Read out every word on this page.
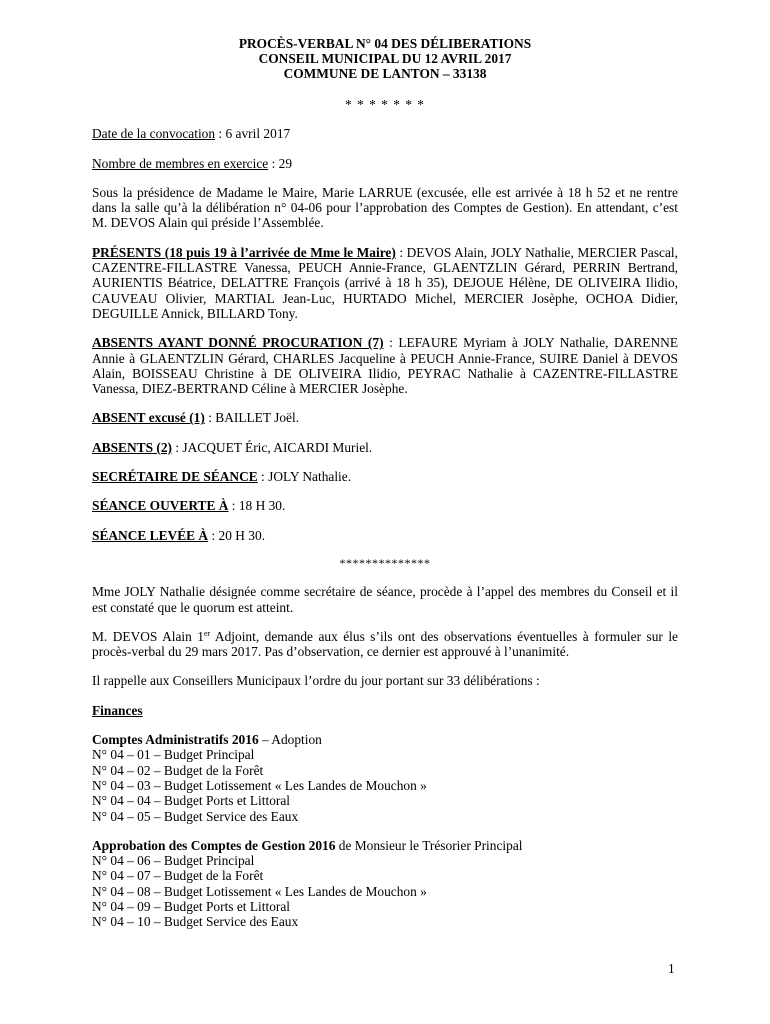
PROCÈS-VERBAL N° 04 DES DÉLIBERATIONS
CONSEIL MUNICIPAL DU 12 AVRIL 2017
COMMUNE DE LANTON – 33138
* * * * * * *

Date de la convocation : 6 avril 2017

Nombre de membres en exercice : 29

Sous la présidence de Madame le Maire, Marie LARRUE (excusée, elle est arrivée à 18 h 52 et ne rentre dans la salle qu’à la délibération n° 04-06 pour l’approbation des Comptes de Gestion). En attendant, c’est M. DEVOS Alain qui préside l’Assemblée.

PRÉSENTS (18 puis 19 à l’arrivée de Mme le Maire) : DEVOS Alain, JOLY Nathalie, MERCIER Pascal, CAZENTRE-FILLASTRE Vanessa, PEUCH Annie-France, GLAENTZLIN Gérard, PERRIN Bertrand, AURIENTIS Béatrice, DELATTRE François (arrivé à 18 h 35), DEJOUE Hélène, DE OLIVEIRA Ilidio, CAUVEAU Olivier, MARTIAL Jean-Luc, HURTADO Michel, MERCIER Josèphe, OCHOA Didier, DEGUILLE Annick, BILLARD Tony.

ABSENTS AYANT DONNÉ PROCURATION (7) : LEFAURE Myriam à JOLY Nathalie, DARENNE Annie à GLAENTZLIN Gérard, CHARLES Jacqueline à PEUCH Annie-France, SUIRE Daniel à DEVOS Alain, BOISSEAU Christine à DE OLIVEIRA Ilidio, PEYRAC Nathalie à CAZENTRE-FILLASTRE Vanessa, DIEZ-BERTRAND Céline à MERCIER Josèphe.

ABSENT excusé (1) : BAILLET Joël.

ABSENTS (2) : JACQUET Éric, AICARDI Muriel.

SECRÉTAIRE DE SÉANCE : JOLY Nathalie.

SÉANCE OUVERTE À : 18 H 30.

SÉANCE LEVÉE À : 20 H 30.

**************

Mme JOLY Nathalie désignée comme secrétaire de séance, procède à l’appel des membres du Conseil et il est constaté que le quorum est atteint.

M. DEVOS Alain 1er Adjoint, demande aux élus s’ils ont des observations éventuelles à formuler sur le procès-verbal du 29 mars 2017. Pas d’observation, ce dernier est approuvé à l’unanimité.

Il rappelle aux Conseillers Municipaux l’ordre du jour portant sur 33 délibérations :

Finances

Comptes Administratifs 2016 – Adoption

N° 04 – 01 – Budget Principal
N° 04 – 02 – Budget de la Forêt
N° 04 – 03 – Budget Lotissement « Les Landes de Mouchon »
N° 04 – 04 – Budget Ports et Littoral
N° 04 – 05 – Budget Service des Eaux

Approbation des Comptes de Gestion 2016 de Monsieur le Trésorier Principal

N° 04 – 06 – Budget Principal
N° 04 – 07 – Budget de la Forêt
N° 04 – 08 – Budget Lotissement « Les Landes de Mouchon »
N° 04 – 09 – Budget Ports et Littoral
N° 04 – 10 – Budget Service des Eaux
1
